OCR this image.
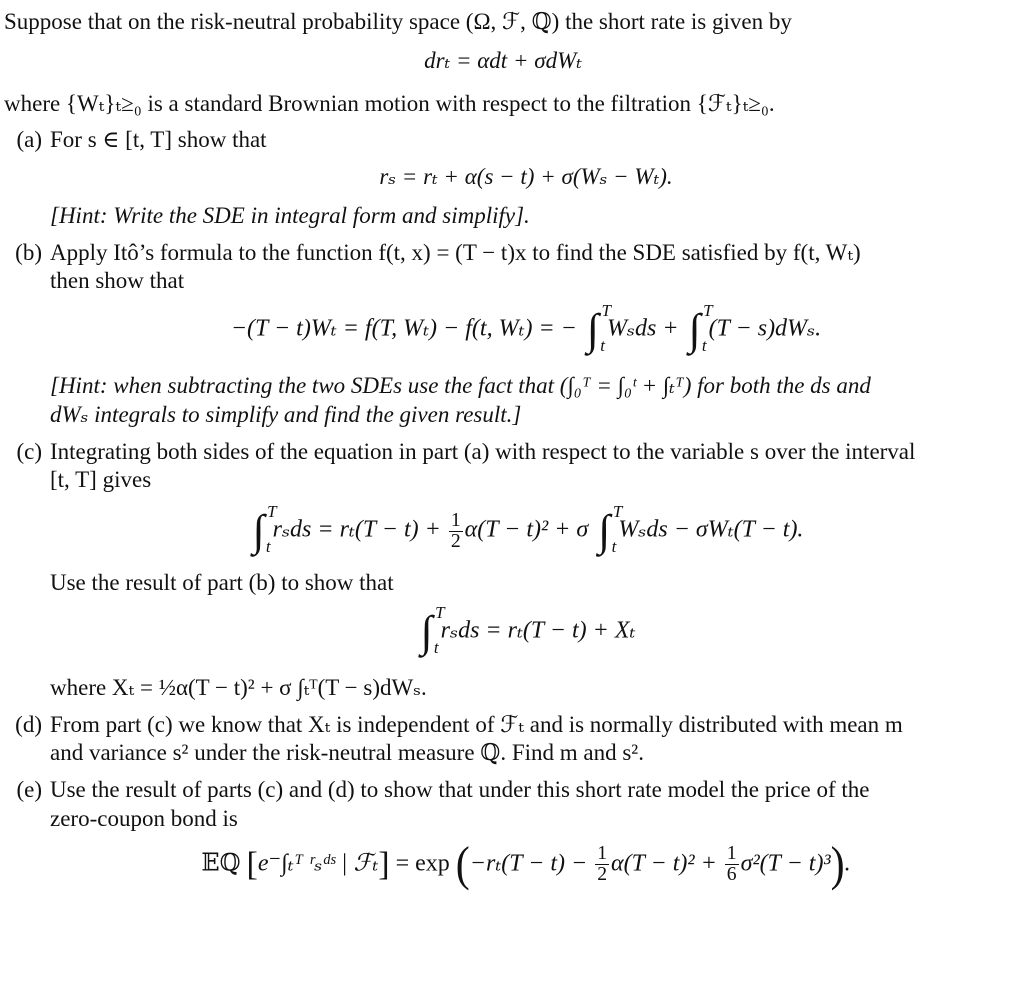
Suppose that on the risk-neutral probability space (Ω, ℱ, ℚ) the short rate is given by

drₜ = αdt + σdWₜ

where {Wₜ}ₜ≥₀ is a standard Brownian motion with respect to the filtration {ℱₜ}ₜ≥₀.

(a) For s ∈ [t, T] show that

rₛ = rₜ + α(s − t) + σ(Wₛ − Wₜ).

[Hint: Write the SDE in integral form and simplify].

(b) Apply Itô’s formula to the function f(t, x) = (T − t)x to find the SDE satisfied by f(t, Wₜ)

then show that

−(T − t)Wₜ = f(T, Wₜ) − f(t, Wₜ) = − ∫ T
t
Wₛds + ∫ T
t
(T − s)dWₛ.

[Hint: when subtracting the two SDEs use the fact that (∫₀ᵀ = ∫₀ᵗ + ∫ₜᵀ) for both the ds and

dWₛ integrals to simplify and find the given result.]

(c) Integrating both sides of the equation in part (a) with respect to the variable s over the interval

[t, T] gives

∫ T
t
$r_sds = r_t(T - t) + \frac{1}{2} \alpha(T - t)^2 + \sigma$ ∫ T
t
Wₛds − σWₜ(T − t).

Use the result of part (b) to show that

∫ T
t
rₛds = rₜ(T − t) + Xₜ

where Xₜ = ½α(T − t)² + σ ∫ₜᵀ(T − s)dWₛ.

(d) From part (c) we know that Xₜ is independent of ℱₜ and is normally distributed with mean m

and variance s² under the risk-neutral measure ℚ. Find m and s².

(e) Use the result of parts (c) and (d) to show that under this short rate model the price of the

zero-coupon bond is

𝔼ℚ [e⁻∫ₜᵀ ʳₛᵈˢ | ℱₜ] = $\exp (-r_t(T - t) - \frac{1}{2} \alpha(T - t)^2 + \frac{1}{6} \sigma^2(T - t)^3)$.
